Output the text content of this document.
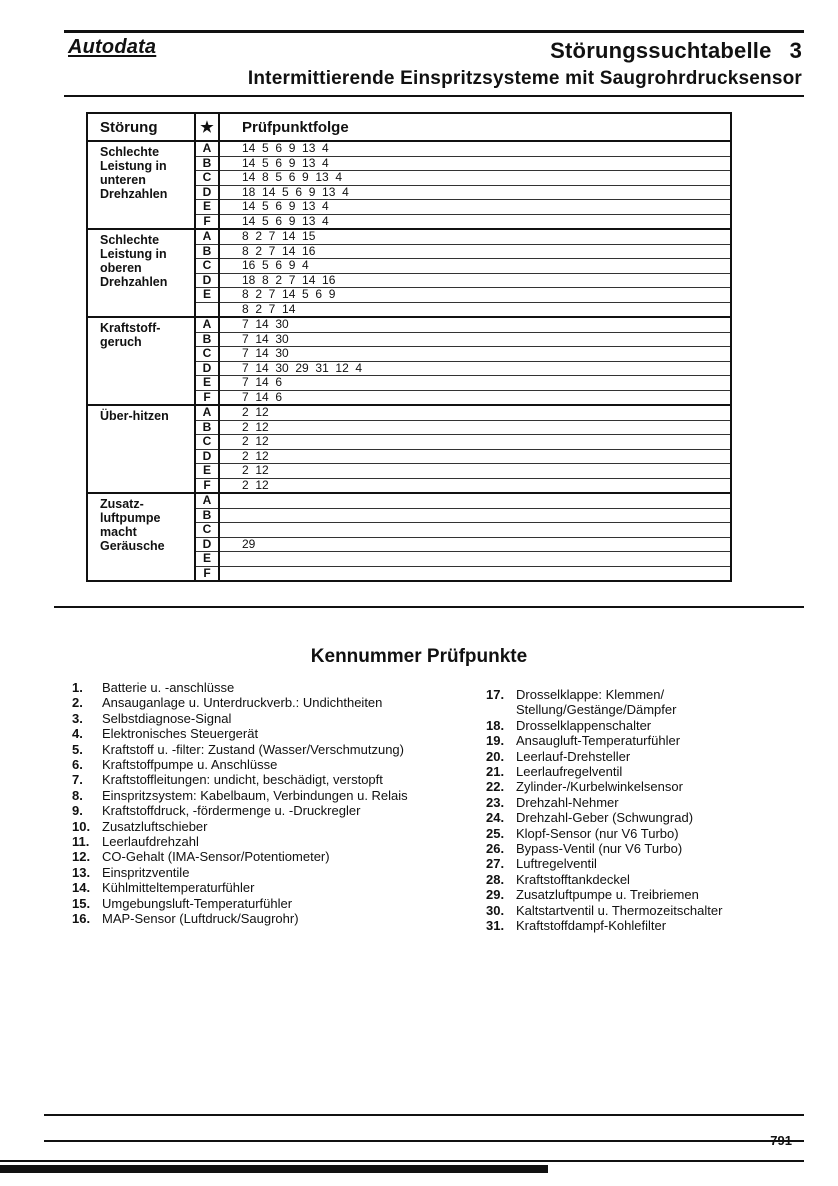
Autodata	Störungssuchtabelle 3
Intermittierende Einspritzsysteme mit Saugrohrdrucksensor
Störung	★	Prüfpunktfolge
Schlechte Leistung in unteren Drehzahlen	A	14  5  6  9  13  4
	B	14  5  6  9  13  4
	C	14  8  5  6  9  13  4
	D	18  14  5  6  9  13  4
	E	14  5  6  9  13  4
	F	14  5  6  9  13  4
Schlechte Leistung in oberen Drehzahlen	A	8  2  7  14  15
	B	8  2  7  14  16
	C	16  5  6  9  4
	D	18  8  2  7  14  16
	E	8  2  7  14  5  6  9
		8  2  7  14
Kraftstoff-geruch	A	7  14  30
	B	7  14  30
	C	7  14  30
	D	7  14  30  29  31  12  4
	E	7  14  6
	F	7  14  6
Über-hitzen	A	2  12
	B	2  12
	C	2  12
	D	2  12
	E	2  12
	F	2  12
Zusatz-luftpumpe macht Geräusche	A	
	B	
	C	
	D	29
	E	
	F	
Kennummer Prüfpunkte
1.	Batterie u. -anschlüsse
2.	Ansauganlage u. Unterdruckverb.: Undichtheiten
3.	Selbstdiagnose-Signal
4.	Elektronisches Steuergerät
5.	Kraftstoff u. -filter: Zustand (Wasser/Verschmutzung)
6.	Kraftstoffpumpe u. Anschlüsse
7.	Kraftstoffleitungen: undicht, beschädigt, verstopft
8.	Einspritzsystem: Kabelbaum, Verbindungen u. Relais
9.	Kraftstoffdruck, -fördermenge u. -Druckregler
10. Zusatzluftschieber
11. Leerlaufdrehzahl
12. CO-Gehalt (IMA-Sensor/Potentiometer)
13. Einspritzventile
14. Kühlmitteltemperaturfühler
15. Umgebungsluft-Temperaturfühler
16. MAP-Sensor (Luftdruck/Saugrohr)
17. Drosselklappe: Klemmen/
Stellung/Gestänge/Dämpfer
18. Drosselklappenschalter
19. Ansaugluft-Temperaturfühler
20. Leerlauf-Drehsteller
21. Leerlaufregelventil
22. Zylinder-/Kurbelwinkelsensor
23. Drehzahl-Nehmer
24. Drehzahl-Geber (Schwungrad)
25. Klopf-Sensor (nur V6 Turbo)
26. Bypass-Ventil (nur V6 Turbo)
27. Luftregelventil
28. Kraftstofftankdeckel
29. Zusatzluftpumpe u. Treibriemen
30. Kaltstartventil u. Thermozeitschalter
31. Kraftstoffdampf-Kohlefilter
791
